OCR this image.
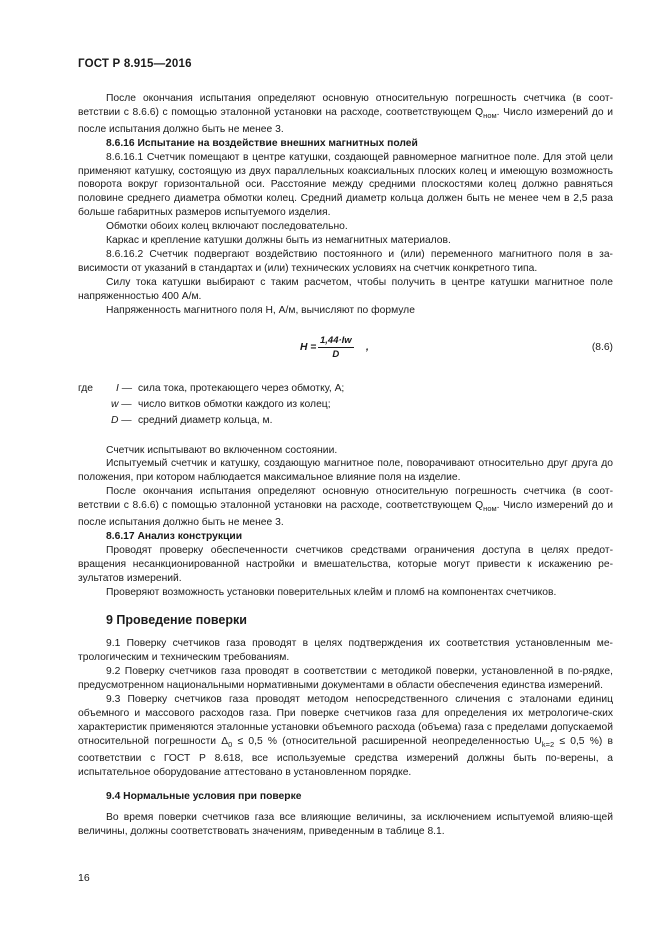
ГОСТ Р 8.915—2016

После окончания испытания определяют основную относительную погрешность счетчика (в соот-ветствии с 8.6.6) с помощью эталонной установки на расходе, соответствующем $Q_{ном}$. Число измерений до и после испытания должно быть не менее 3.

8.6.16 Испытание на воздействие внешних магнитных полей

8.6.16.1 Счетчик помещают в центре катушки, создающей равномерное магнитное поле. Для этой цели применяют катушку, состоящую из двух параллельных коаксиальных плоских колец и имеющую возможность поворота вокруг горизонтальной оси. Расстояние между средними плоскостями колец должно равняться половине среднего диаметра обмотки колец. Средний диаметр кольца должен быть не менее чем в 2,5 раза больше габаритных размеров испытуемого изделия.

Обмотки обоих колец включают последовательно.

Каркас и крепление катушки должны быть из немагнитных материалов.

8.6.16.2 Счетчик подвергают воздействию постоянного и (или) переменного магнитного поля в за-висимости от указаний в стандартах и (или) технических условиях на счетчик конкретного типа.

Силу тока катушки выбирают с таким расчетом, чтобы получить в центре катушки магнитное поле напряженностью 400 А/м.

Напряженность магнитного поля H, А/м, вычисляют по формуле

$H = \frac{1,44\cdot Iw}{D}$ ,	(8.6)
где I — сила тока, протекающего через обмотку, А;
w — число витков обмотки каждого из колец;
D — средний диаметр кольца, м.

Счетчик испытывают во включенном состоянии.

Испытуемый счетчик и катушку, создающую магнитное поле, поворачивают относительно друг друга до положения, при котором наблюдается максимальное влияние поля на изделие.

После окончания испытания определяют основную относительную погрешность счетчика (в соот-ветствии с 8.6.6) с помощью эталонной установки на расходе, соответствующем $Q_{ном}$. Число измерений до и после испытания должно быть не менее 3.

8.6.17 Анализ конструкции

Проводят проверку обеспеченности счетчиков средствами ограничения доступа в целях предот-вращения несанкционированной настройки и вмешательства, которые могут привести к искажению ре-зультатов измерений.

Проверяют возможность установки поверительных клейм и пломб на компонентах счетчиков.

9 Проведение поверки

9.1 Поверку счетчиков газа проводят в целях подтверждения их соответствия установленным ме-трологическим и техническим требованиям.

9.2 Поверку счетчиков газа проводят в соответствии с методикой поверки, установленной в по-рядке, предусмотренном национальными нормативными документами в области обеспечения единства измерений.

9.3 Поверку счетчиков газа проводят методом непосредственного сличения с эталонами единиц объемного и массового расходов газа. При поверке счетчиков газа для определения их метрологиче-ских характеристик применяются эталонные установки объемного расхода (объема) газа с пределами допускаемой относительной погрешности $\Delta_0 \le 0,5$ % (относительной расширенной неопределенностью $U_{k=2} \le 0,5$ %) в соответствии с ГОСТ Р 8.618, все используемые средства измерений должны быть по-верены, а испытательное оборудование аттестовано в установленном порядке.

9.4 Нормальные условия при поверке

Во время поверки счетчиков газа все влияющие величины, за исключением испытуемой влияю-щей величины, должны соответствовать значениям, приведенным в таблице 8.1.

16
